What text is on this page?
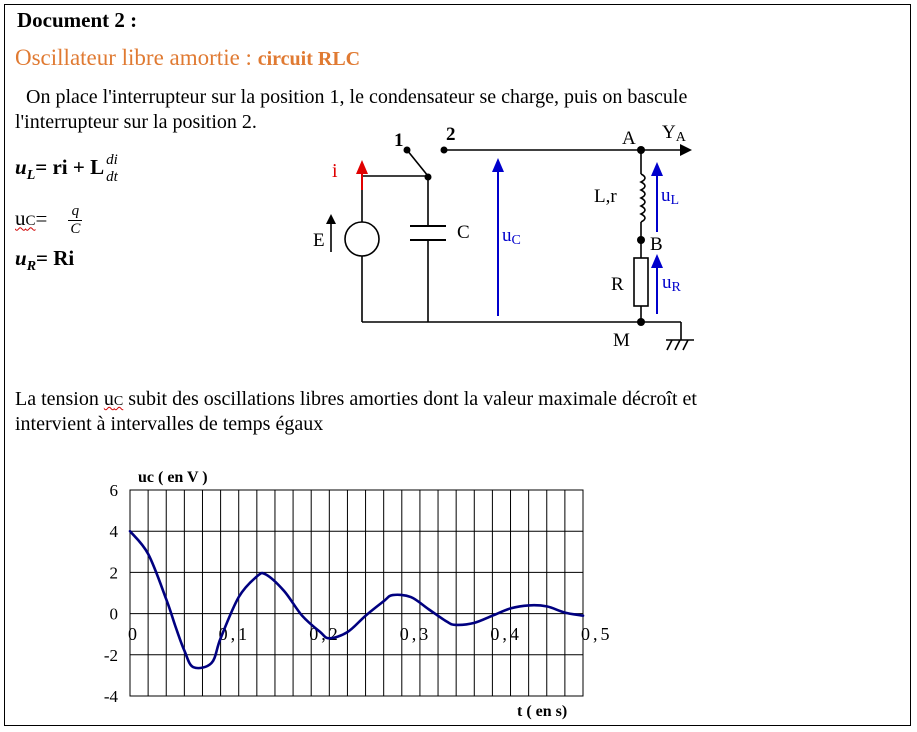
Document 2 :
Oscillateur libre amortie : circuit RLC
On place l'interrupteur sur la position 1, le condensateur se charge, puis on bascule
l'interrupteur sur la position 2.
$u_L=$ ri + L di
dt
$uC= \frac{q}{C}$
$u_R= Ri$
1 2
i
E	C uC
A YA
L,r uL
B
R uR
M
La tension uC subit des oscillations libres amorties dont la valeur maximale décroît et
intervient à intervalles de temps égaux
6
4
2
0
-2
-4
0	0,1	0,2	0,3	0,4	0,5
uc ( en V )
t ( en s)
